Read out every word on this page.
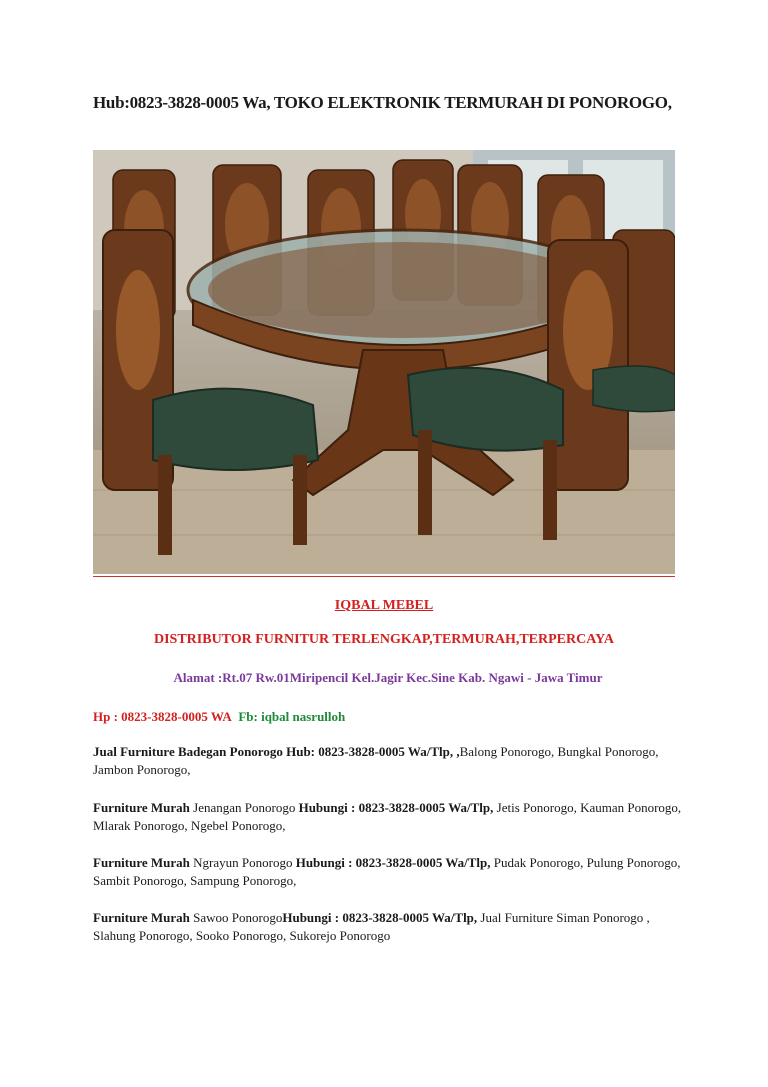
Hub:0823-3828-0005 Wa, TOKO ELEKTRONIK TERMURAH DI PONOROGO,
IQBAL MEBEL
DISTRIBUTOR FURNITUR TERLENGKAP,TERMURAH,TERPERCAYA
Alamat :Rt.07 Rw.01Miripencil Kel.Jagir Kec.Sine Kab. Ngawi - Jawa Timur
Hp : 0823-3828-0005 WA Fb: iqbal nasrulloh
Jual Furniture Badegan Ponorogo Hub: 0823-3828-0005 Wa/Tlp, ,Balong Ponorogo, Bungkal Ponorogo, Jambon Ponorogo,
Furniture Murah Jenangan Ponorogo Hubungi : 0823-3828-0005 Wa/Tlp, Jetis Ponorogo, Kauman Ponorogo, Mlarak Ponorogo, Ngebel Ponorogo,
Furniture Murah Ngrayun Ponorogo Hubungi : 0823-3828-0005 Wa/Tlp, Pudak Ponorogo, Pulung Ponorogo, Sambit Ponorogo, Sampung Ponorogo,
Furniture Murah Sawoo PonorogoHubungi : 0823-3828-0005 Wa/Tlp, Jual Furniture Siman Ponorogo , Slahung Ponorogo, Sooko Ponorogo, Sukorejo Ponorogo
